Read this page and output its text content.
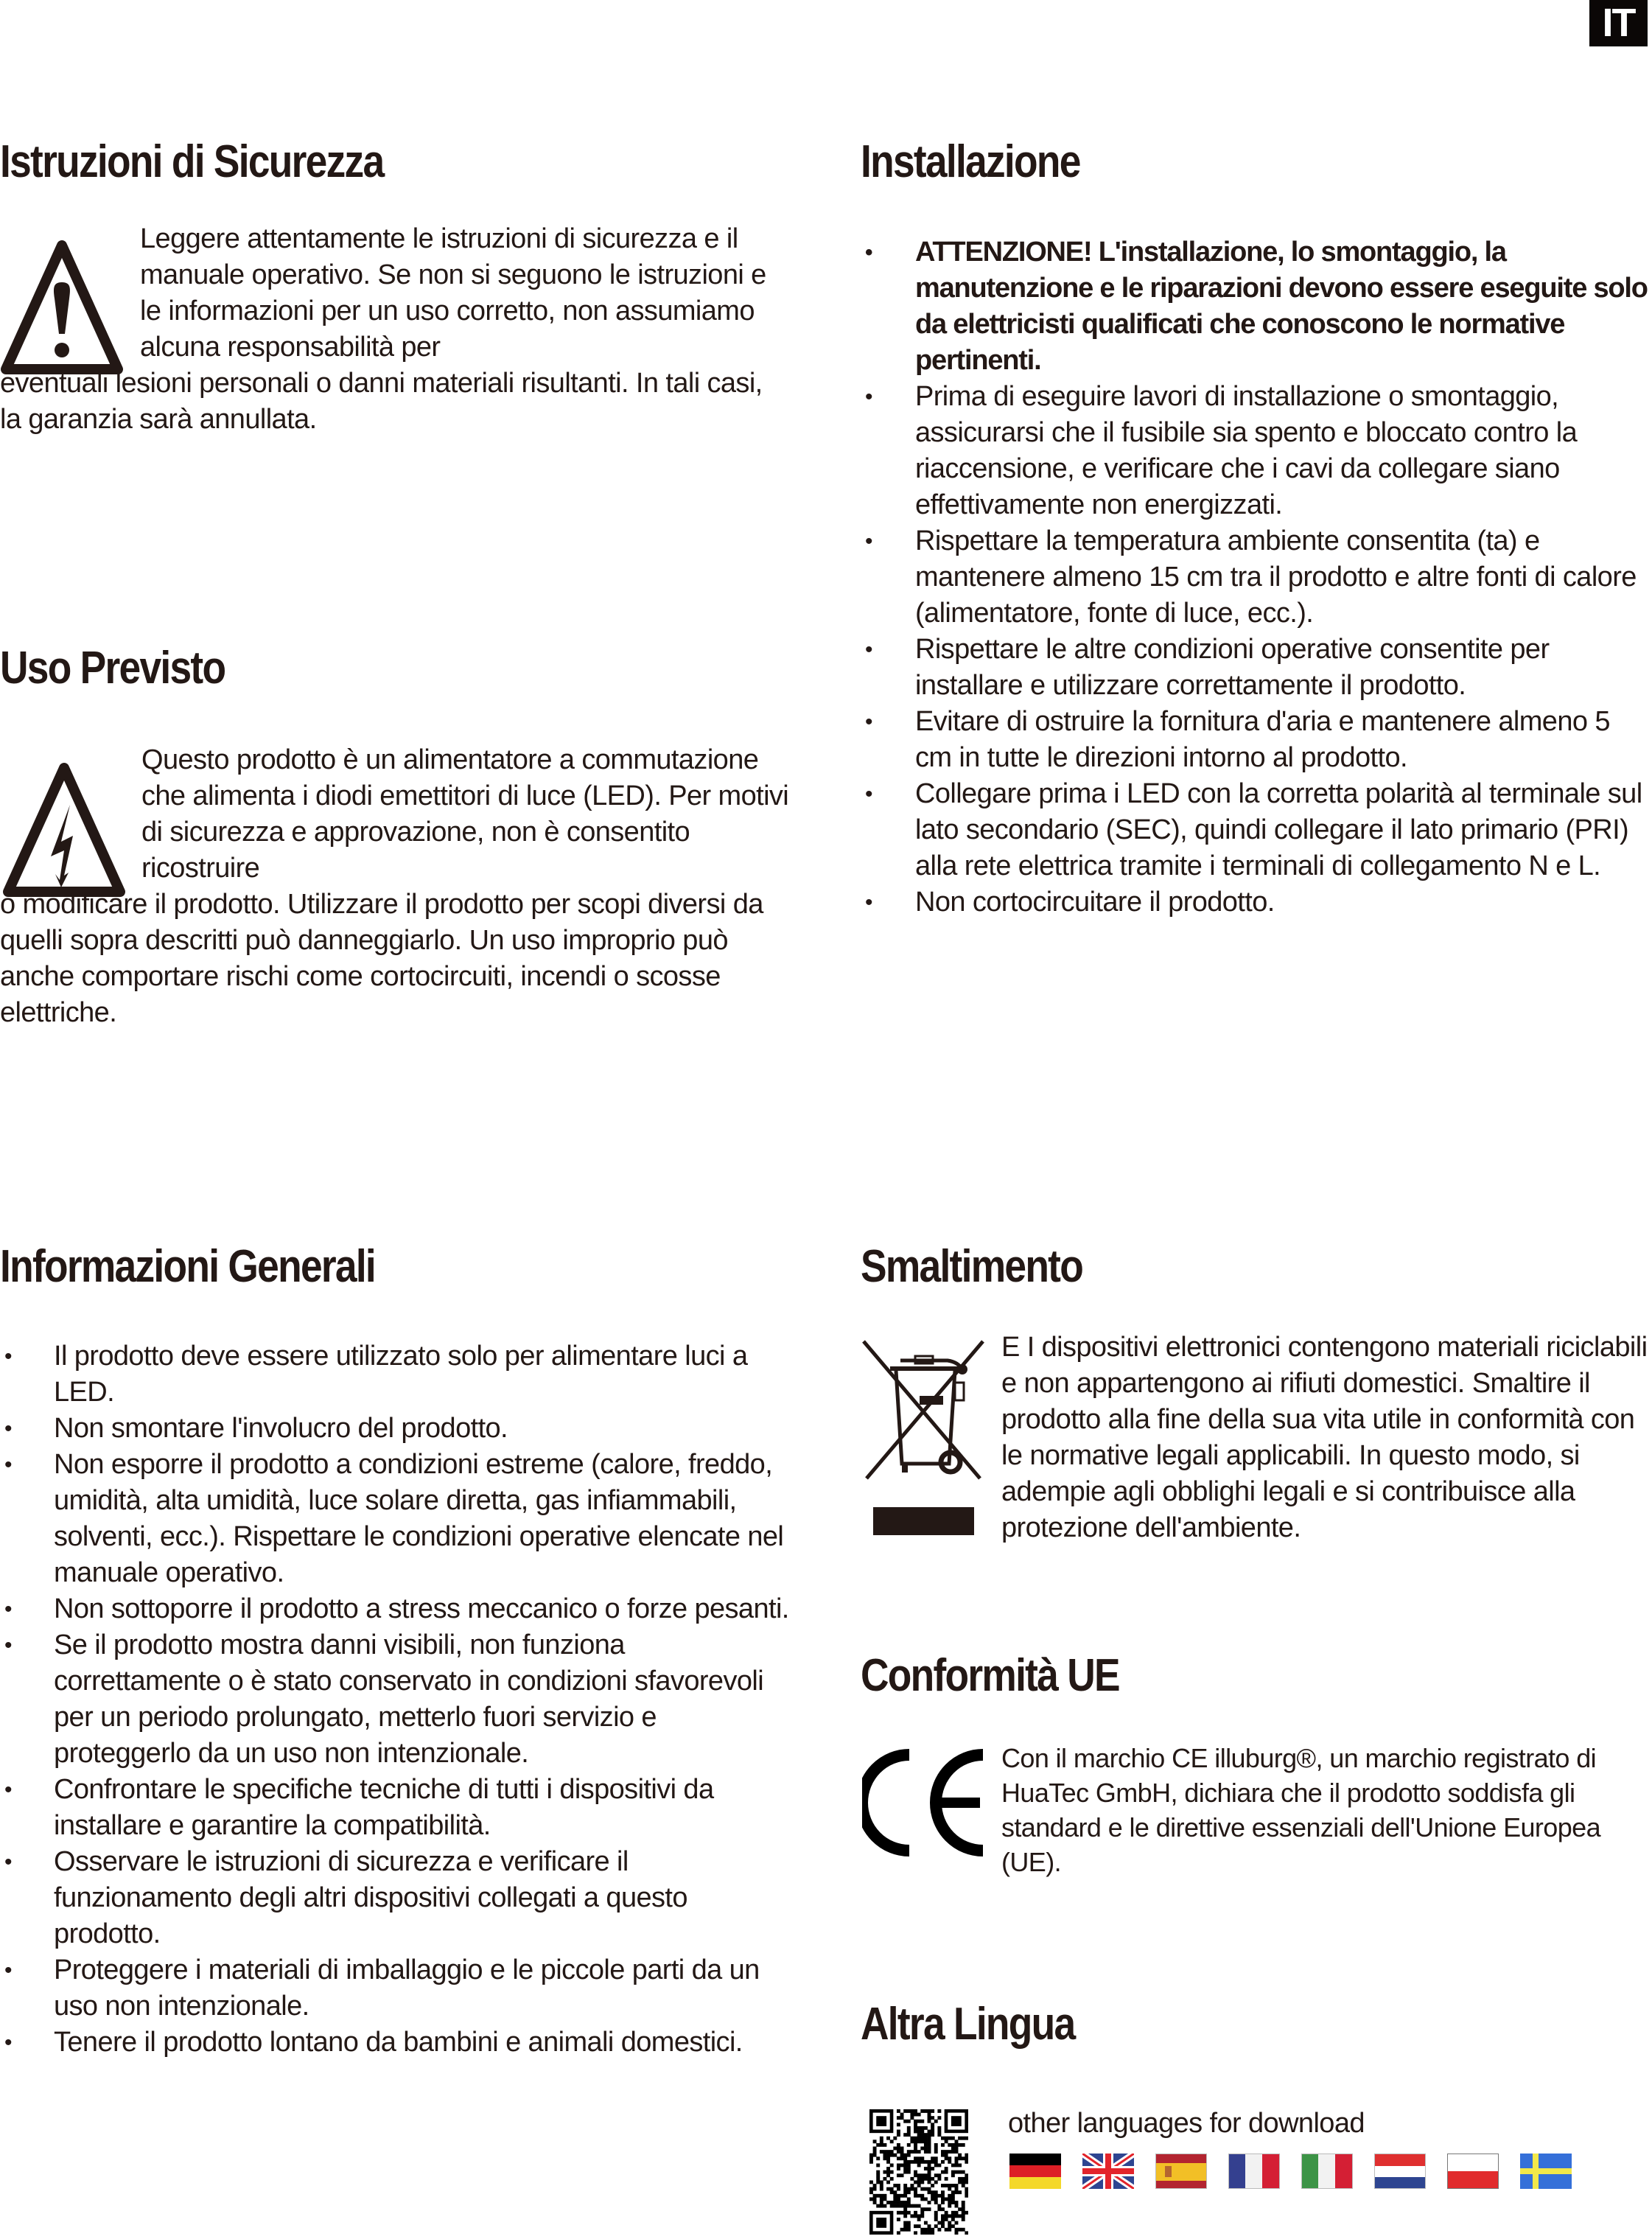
IT
Istruzioni di Sicurezza
Leggere attentamente le istruzioni di sicurezza e il manuale operativo. Se non si seguono le istruzioni e le informazioni per un uso corretto, non assumiamo alcuna responsabilità per
eventuali lesioni personali o danni materiali risultanti. In tali casi, la garanzia sarà annullata.
Uso Previsto
Questo prodotto è un alimentatore a commutazione che alimenta i diodi emettitori di luce (LED). Per motivi di sicurezza e approvazione, non è consentito ricostruire
o modificare il prodotto. Utilizzare il prodotto per scopi diversi da quelli sopra descritti può danneggiarlo. Un uso improprio può anche comportare rischi come cortocircuiti, incendi o scosse elettriche.
Installazione
• ATTENZIONE! L'installazione, lo smontaggio, la manutenzione e le riparazioni devono essere eseguite solo da elettricisti qualificati che conoscono le normative pertinenti.
• Prima di eseguire lavori di installazione o smontaggio, assicurarsi che il fusibile sia spento e bloccato contro la riaccensione, e verificare che i cavi da collegare siano effettivamente non energizzati.
• Rispettare la temperatura ambiente consentita (ta) e mantenere almeno 15 cm tra il prodotto e altre fonti di calore (alimentatore, fonte di luce, ecc.).
• Rispettare le altre condizioni operative consentite per installare e utilizzare correttamente il prodotto.
• Evitare di ostruire la fornitura d'aria e mantenere almeno 5 cm in tutte le direzioni intorno al prodotto.
• Collegare prima i LED con la corretta polarità al terminale sul lato secondario (SEC), quindi collegare il lato primario (PRI) alla rete elettrica tramite i terminali di collegamento N e L.
• Non cortocircuitare il prodotto.
Informazioni Generali
• Il prodotto deve essere utilizzato solo per alimentare luci a LED.
• Non smontare l'involucro del prodotto.
• Non esporre il prodotto a condizioni estreme (calore, freddo, umidità, alta umidità, luce solare diretta, gas infiammabili, solventi, ecc.). Rispettare le condizioni operative elencate nel manuale operativo.
• Non sottoporre il prodotto a stress meccanico o forze pesanti.
• Se il prodotto mostra danni visibili, non funziona correttamente o è stato conservato in condizioni sfavorevoli per un periodo prolungato, metterlo fuori servizio e proteggerlo da un uso non intenzionale.
• Confrontare le specifiche tecniche di tutti i dispositivi da installare e garantire la compatibilità.
• Osservare le istruzioni di sicurezza e verificare il funzionamento degli altri dispositivi collegati a questo prodotto.
• Proteggere i materiali di imballaggio e le piccole parti da un uso non intenzionale.
• Tenere il prodotto lontano da bambini e animali domestici.
Smaltimento
E I dispositivi elettronici contengono materiali riciclabili e non appartengono ai rifiuti domestici. Smaltire il prodotto alla fine della sua vita utile in conformità con le normative legali applicabili. In questo modo, si adempie agli obblighi legali e si contribuisce alla protezione dell'ambiente.
Conformità UE
Con il marchio CE illuburg®, un marchio registrato di HuaTec GmbH, dichiara che il prodotto soddisfa gli standard e le direttive essenziali dell'Unione Europea (UE).
Altra Lingua
other languages for download
